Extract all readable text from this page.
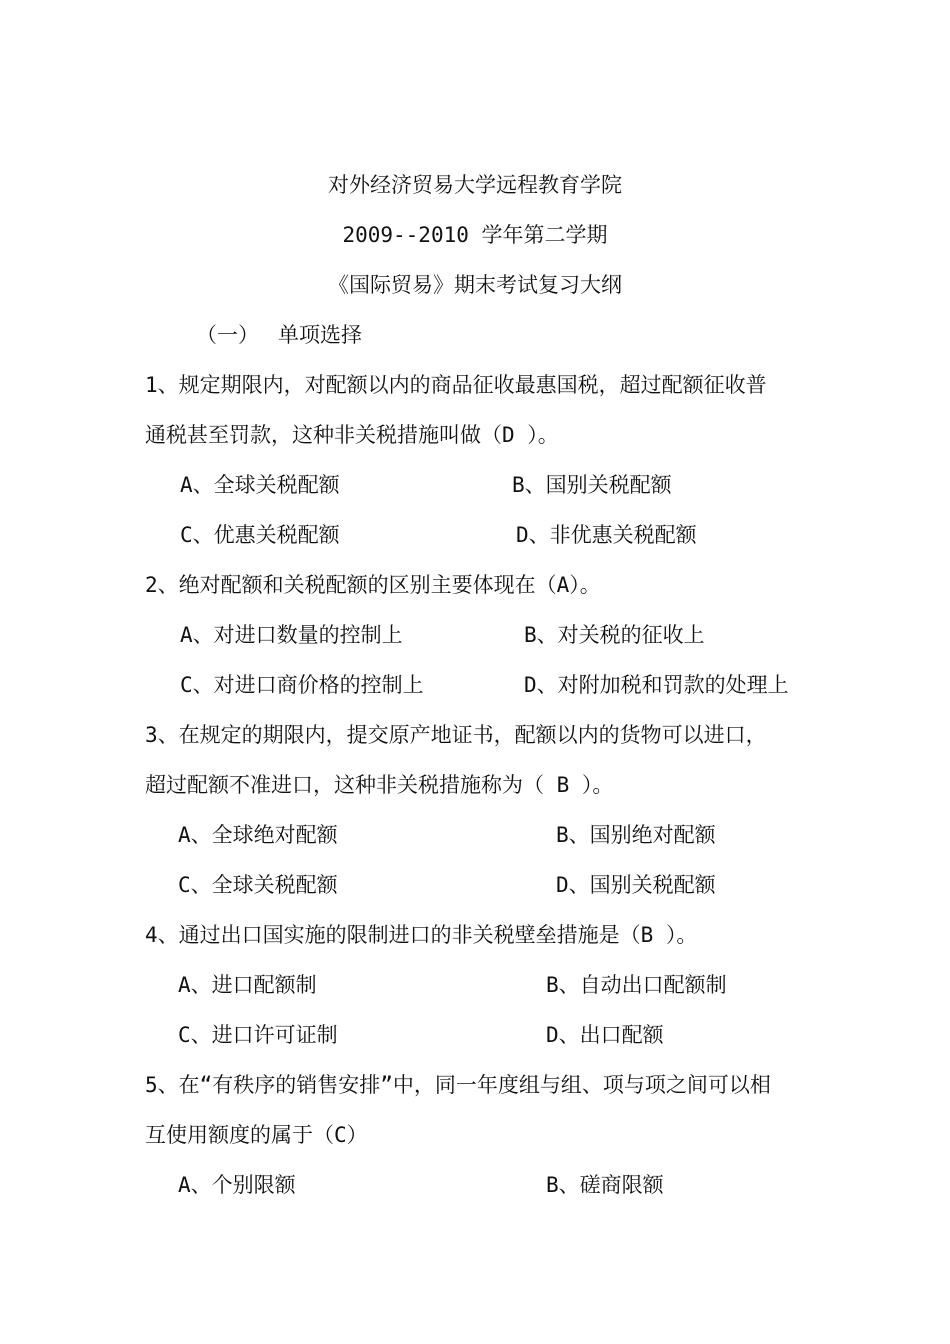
对外经济贸易大学远程教育学院
2009--2010 学年第二学期
《国际贸易》期末考试复习大纲
（一） 单项选择
1、规定期限内，对配额以内的商品征收最惠国税，超过配额征收普
通税甚至罚款，这种非关税措施叫做（D ）。
A、全球关税配额	B、国别关税配额
C、优惠关税配额	D、非优惠关税配额
2、绝对配额和关税配额的区别主要体现在（A）。
A、对进口数量的控制上	B、对关税的征收上
C、对进口商价格的控制上	D、对附加税和罚款的处理上
3、在规定的期限内，提交原产地证书，配额以内的货物可以进口，
超过配额不准进口，这种非关税措施称为（ B ）。
A、全球绝对配额	B、国别绝对配额
C、全球关税配额	D、国别关税配额
4、通过出口国实施的限制进口的非关税壁垒措施是（B ）。
A、进口配额制	B、自动出口配额制
C、进口许可证制	D、出口配额
5、在“有秩序的销售安排”中，同一年度组与组、项与项之间可以相
互使用额度的属于（C）
A、个别限额	B、磋商限额
